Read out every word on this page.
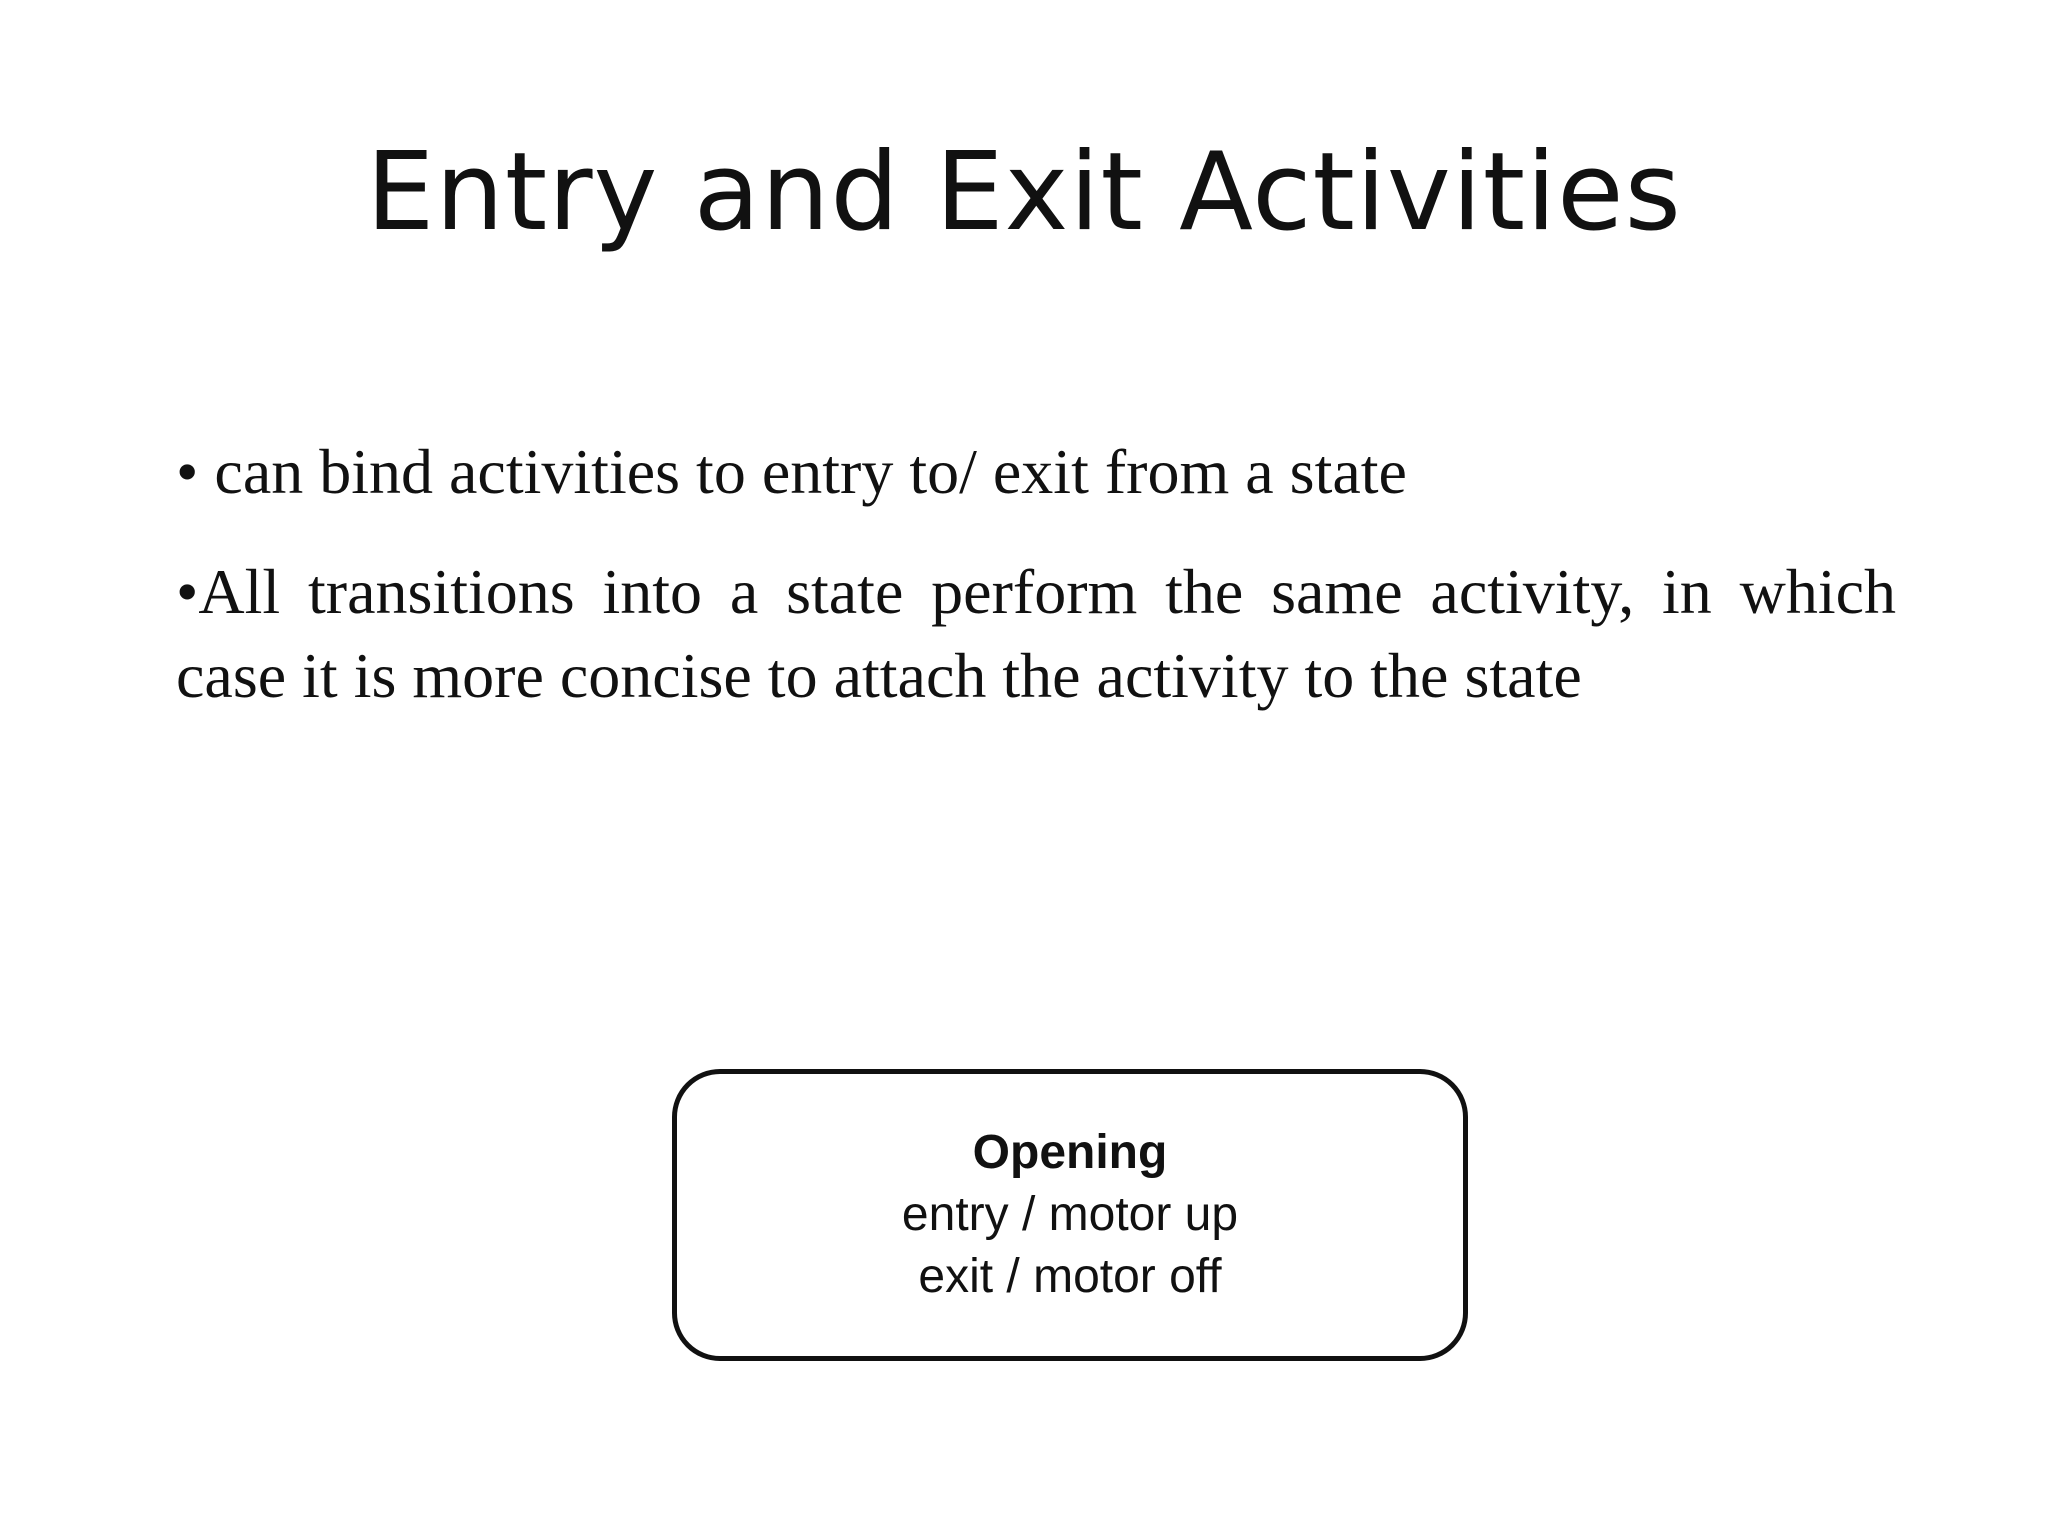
Entry and Exit Activities

• can bind activities to entry to/ exit from a state

•All transitions into a state perform the same activity, in which case it is more concise to attach the activity to the state

Opening
entry / motor up
exit / motor off
